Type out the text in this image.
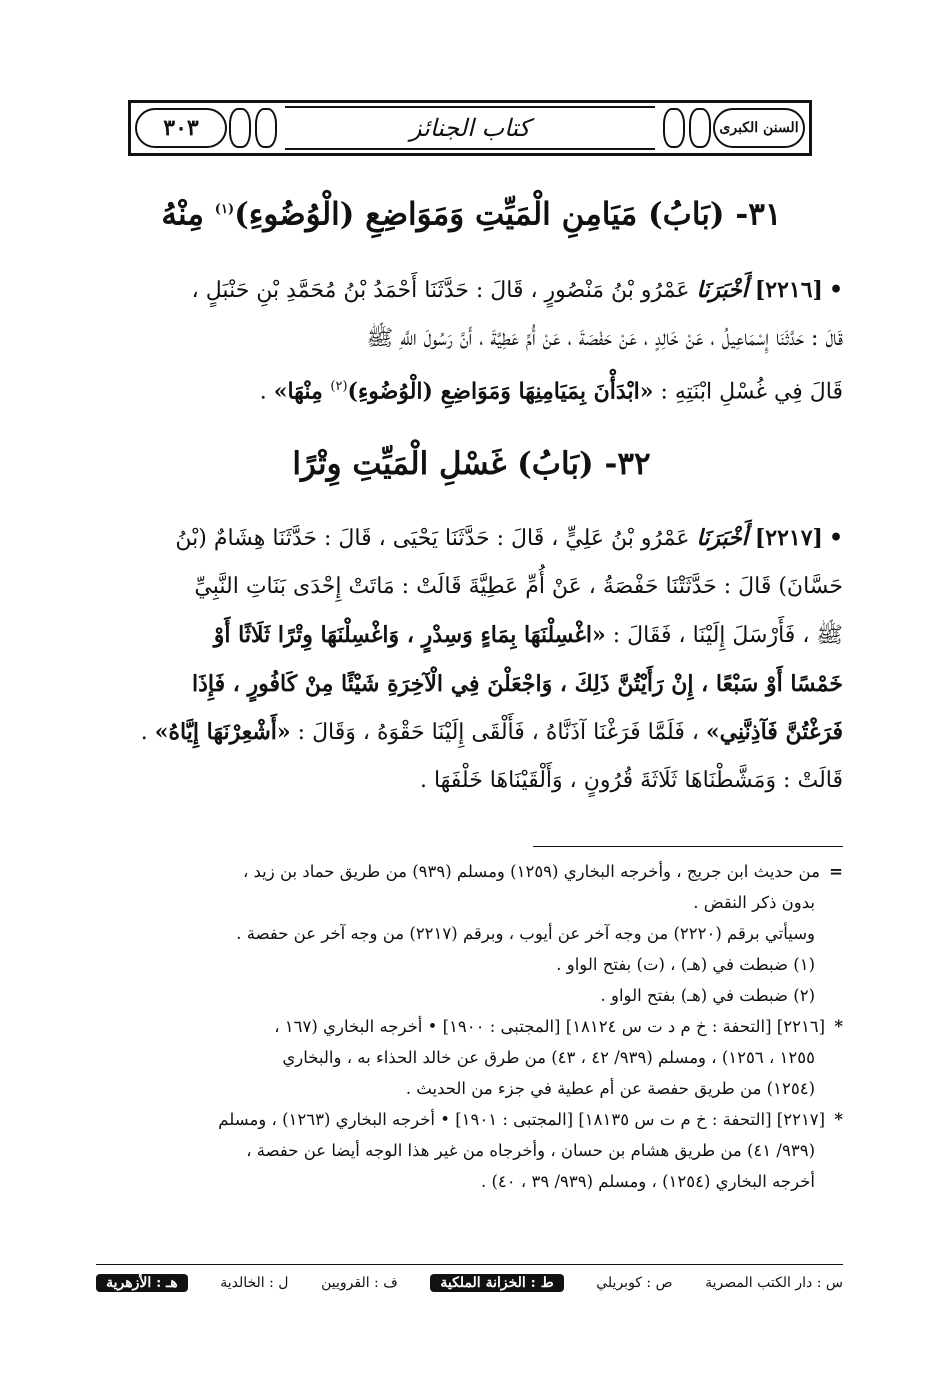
٣٠٣	كتاب الجنائز	السنن الكبرى
٣١- (بَابُ) مَيَامِنِ الْمَيِّتِ وَمَوَاضِعِ (الْوُضُوءِ)$^{(١)}$ مِنْهُ

•[٢٢١٦] أَخْبَرَنَا عَمْرُو بْنُ مَنْصُورٍ ، قَالَ : حَدَّثَنَا أَحْمَدُ بْنُ مُحَمَّدِ بْنِ حَنْبَلٍ ،

قَالَ : حَدَّثَنَا إِسْمَاعِيلُ ، عَنْ خَالِدٍ ، عَنْ حَفْصَةَ ، عَنْ أُمِّ عَطِيَّةَ ، أَنَّ رَسُولَ اللَّهِ ﷺ

قَالَ فِي غُسْلِ ابْنَتِهِ : «ابْدَأْنَ بِمَيَامِنِهَا وَمَوَاضِعِ (الْوُضُوءِ)$^{(٢)}$ مِنْهَا» .

٣٢- (بَابُ) غَسْلِ الْمَيِّتِ وِتْرًا

•[٢٢١٧] أَخْبَرَنَا عَمْرُو بْنُ عَلِيٍّ ، قَالَ : حَدَّثَنَا يَحْيَى ، قَالَ : حَدَّثَنَا هِشَامٌ (بْنُ

حَسَّانَ) قَالَ : حَدَّثَتْنَا حَفْصَةُ ، عَنْ أُمِّ عَطِيَّةَ قَالَتْ : مَاتَتْ إِحْدَى بَنَاتِ النَّبِيِّ

ﷺ ، فَأَرْسَلَ إِلَيْنَا ، فَقَالَ : «اغْسِلْنَهَا بِمَاءٍ وَسِدْرٍ ، وَاغْسِلْنَهَا وِتْرًا ثَلَاثًا أَوْ

خَمْسًا أَوْ سَبْعًا ، إِنْ رَأَيْتُنَّ ذَلِكَ ، وَاجْعَلْنَ فِي الْآخِرَةِ شَيْئًا مِنْ كَافُورٍ ، فَإِذَا

فَرَغْتُنَّ فَآذِنَّنِي» ، فَلَمَّا فَرَغْنَا آذَنَّاهُ ، فَأَلْقَى إِلَيْنَا حَقْوَهُ ، وَقَالَ : «أَشْعِرْنَهَا إِيَّاهُ» .

قَالَتْ : وَمَشَّطْنَاهَا ثَلَاثَةَ قُرُونٍ ، وَأَلْقَيْنَاهَا خَلْفَهَا .

= من حديث ابن جريج ، وأخرجه البخاري (١٢٥٩) ومسلم (٩٣٩) من طريق حماد بن زيد ،

بدون ذكر النقض .

وسيأتي برقم (٢٢٢٠) من وجه آخر عن أيوب ، وبرقم (٢٢١٧) من وجه آخر عن حفصة .

(١) ضبطت في (هـ) ، (ت) بفتح الواو .

(٢) ضبطت في (هـ) بفتح الواو .

* [٢٢١٦] [التحفة : خ م د ت س ١٨١٢٤] [المجتبى : ١٩٠٠] • أخرجه البخاري (١٦٧ ،

١٢٥٥ ، ١٢٥٦) ، ومسلم (٩٣٩/ ٤٢ ، ٤٣) من طرق عن خالد الحذاء به ، والبخاري

(١٢٥٤) من طريق حفصة عن أم عطية في جزء من الحديث .

* [٢٢١٧] [التحفة : خ م ت س ١٨١٣٥] [المجتبى : ١٩٠١] • أخرجه البخاري (١٢٦٣) ، ومسلم

(٩٣٩/ ٤١) من طريق هشام بن حسان ، وأخرجاه من غير هذا الوجه أيضا عن حفصة ،

أخرجه البخاري (١٢٥٤) ، ومسلم (٩٣٩/ ٣٩ ، ٤٠) .

س : دار الكتب المصرية
ص : كوبريلي
ط : الخزانة الملكية
ف : القرويين
ل : الخالدية
هـ : الأزهرية
